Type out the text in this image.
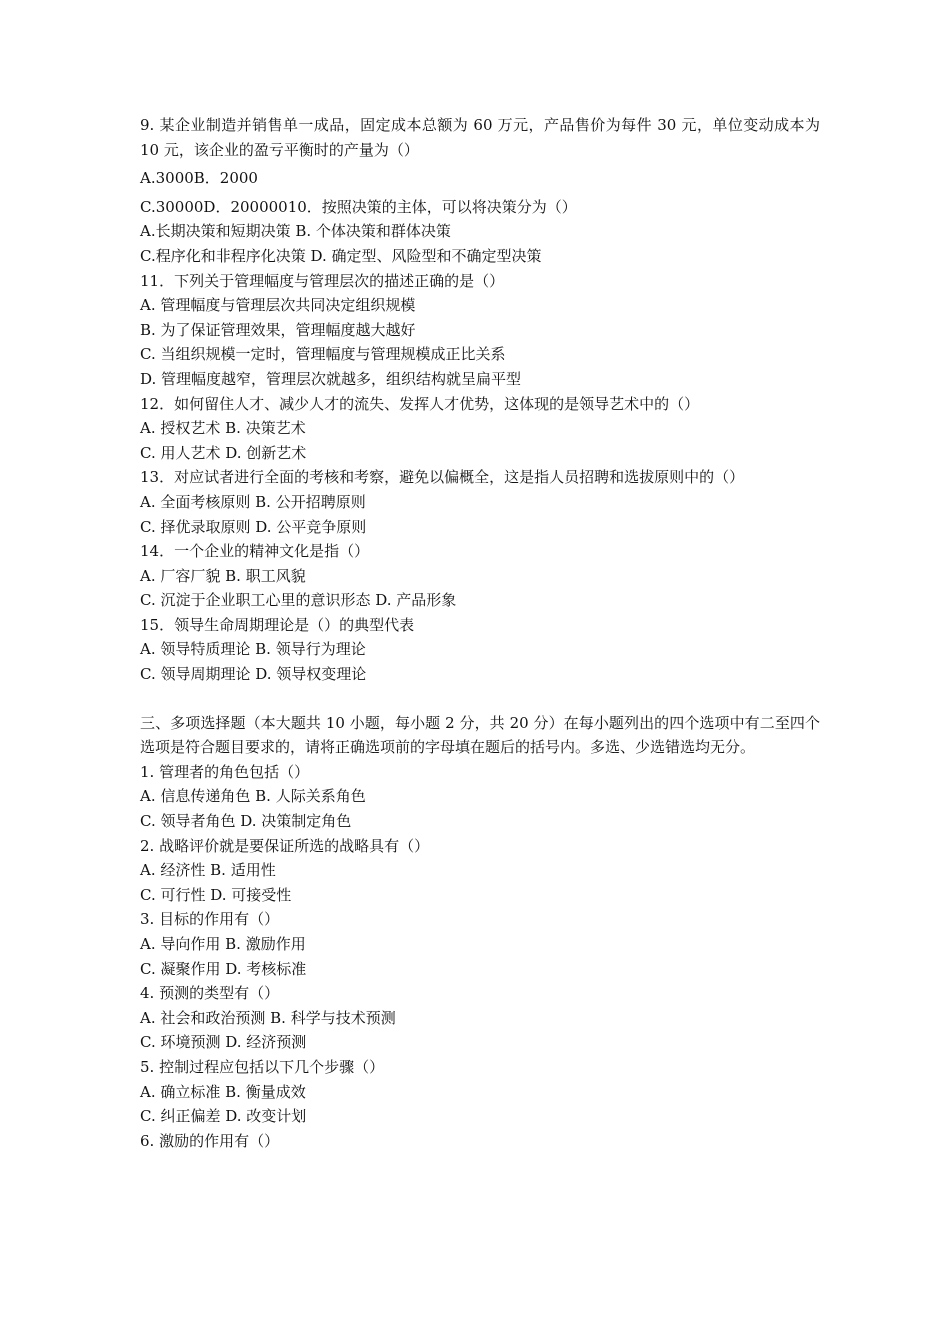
9. 某企业制造并销售单一成品，固定成本总额为 60 万元，产品售价为每件 30 元，单位变动成本为 10 元，该企业的盈亏平衡时的产量为（）

A.3000B．2000

C.30000D．20000010．按照决策的主体，可以将决策分为（）

A.长期决策和短期决策 B. 个体决策和群体决策

C.程序化和非程序化决策 D. 确定型、风险型和不确定型决策

11．下列关于管理幅度与管理层次的描述正确的是（）

A. 管理幅度与管理层次共同决定组织规模

B. 为了保证管理效果，管理幅度越大越好

C. 当组织规模一定时，管理幅度与管理规模成正比关系

D. 管理幅度越窄，管理层次就越多，组织结构就呈扁平型

12．如何留住人才、减少人才的流失、发挥人才优势，这体现的是领导艺术中的（）

A. 授权艺术 B. 决策艺术

C. 用人艺术 D. 创新艺术

13．对应试者进行全面的考核和考察，避免以偏概全，这是指人员招聘和选拔原则中的（）

A. 全面考核原则 B. 公开招聘原则

C. 择优录取原则 D. 公平竞争原则

14．一个企业的精神文化是指（）

A. 厂容厂貌 B. 职工风貌

C. 沉淀于企业职工心里的意识形态 D. 产品形象

15．领导生命周期理论是（）的典型代表

A. 领导特质理论 B. 领导行为理论

C. 领导周期理论 D. 领导权变理论

三、多项选择题（本大题共 10 小题，每小题 2 分，共 20 分）在每小题列出的四个选项中有二至四个选项是符合题目要求的，请将正确选项前的字母填在题后的括号内。多选、少选错选均无分。

1. 管理者的角色包括（）

A. 信息传递角色 B. 人际关系角色

C. 领导者角色 D. 决策制定角色

2. 战略评价就是要保证所选的战略具有（）

A. 经济性 B. 适用性

C. 可行性 D. 可接受性

3. 目标的作用有（）

A. 导向作用 B. 激励作用

C. 凝聚作用 D. 考核标准

4. 预测的类型有（）

A. 社会和政治预测 B. 科学与技术预测

C. 环境预测 D. 经济预测

5. 控制过程应包括以下几个步骤（）

A. 确立标准 B. 衡量成效

C. 纠正偏差 D. 改变计划

6. 激励的作用有（）
